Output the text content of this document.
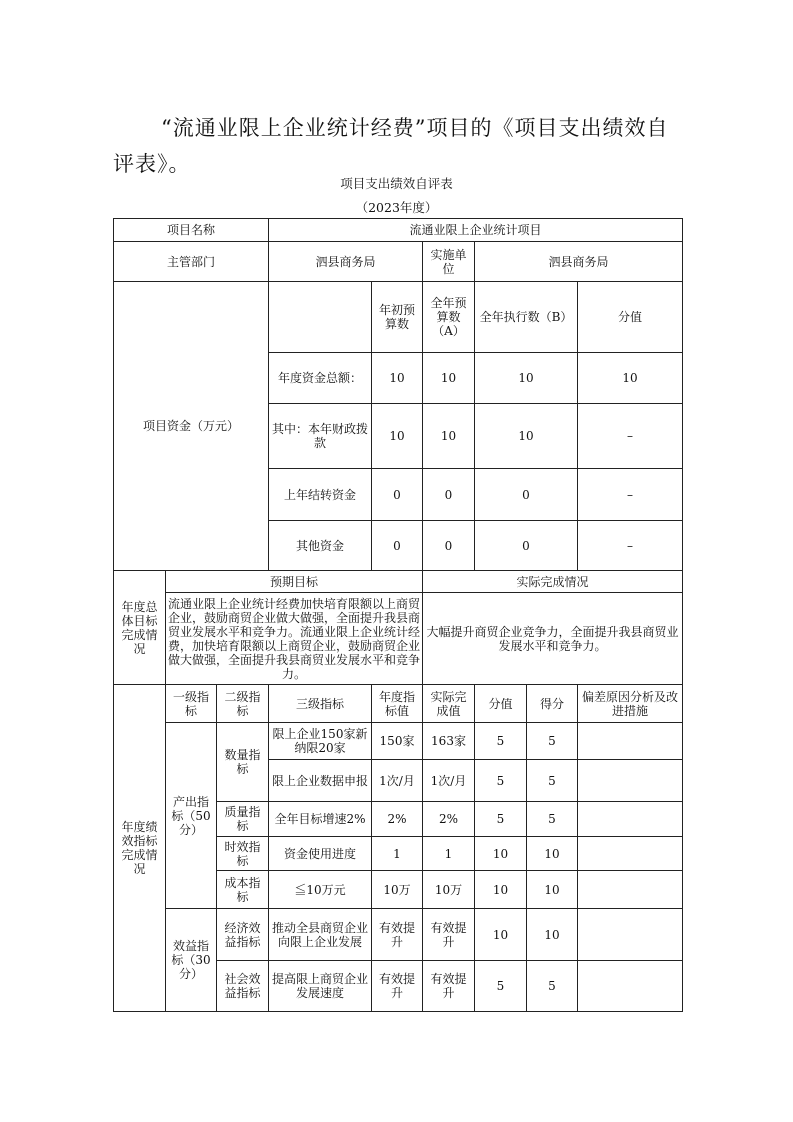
“流通业限上企业统计经费”项目的《项目支出绩效自评表》。

项目支出绩效自评表
（2023年度）
项目名称			流通业限上企业统计项目						
主管部门			泗县商务局		实施单位	泗县商务局			
项目资金（万元）				年初预算数	全年预算数（A）	全年执行数（B）		分值	
			年度资金总额：	10	10	10		10	
			其中：本年财政拨款	10	10	10		–	
			上年结转资金	0	0	0		–	
			其他资金	0	0	0		–	
年度总体目标完成情况	预期目标				实际完成情况				
	流通业限上企业统计经费加快培育限额以上商贸企业，鼓励商贸企业做大做强，全面提升我县商贸业发展水平和竞争力。流通业限上企业统计经费，加快培育限额以上商贸企业，鼓励商贸企业做大做强，全面提升我县商贸业发展水平和竞争力。				大幅提升商贸企业竞争力，全面提升我县商贸业发展水平和竞争力。				
年度绩效指标完成情况	一级指标	二级指标	三级指标	年度指标值	实际完成值	分值	得分	偏差原因分析及改进措施	
	产出指标（50分）	数量指标	限上企业150家新纳限20家	150家	163家	5	5		
			限上企业数据申报	1次/月	1次/月	5	5		
		质量指标	全年目标增速2%	2%	2%	5	5		
		时效指标	资金使用进度	1	1	10	10		
		成本指标	≦10万元	10万	10万	10	10		
	效益指标（30分）	经济效益指标	推动全县商贸企业向限上企业发展	有效提升	有效提升	10	10		
		社会效益指标	提高限上商贸企业发展速度	有效提升	有效提升	5	5		
